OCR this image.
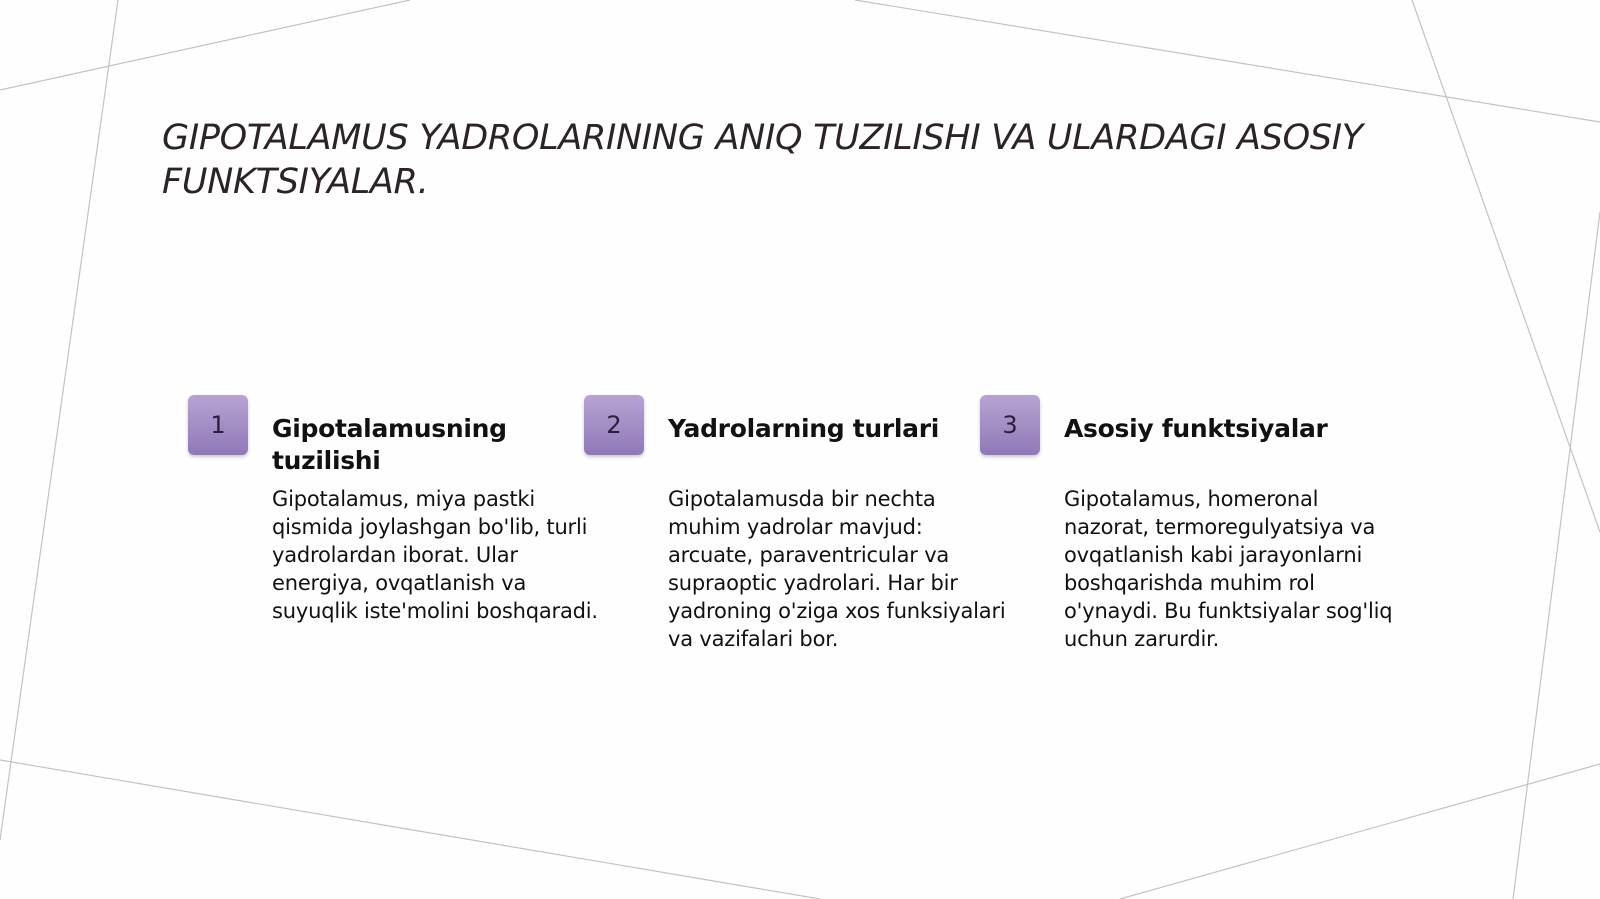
GIPOTALAMUS YADROLARINING ANIQ TUZILISHI VA ULARDAGI ASOSIY FUNKTSIYALAR.
1	Gipotalamusning tuzilishi

Gipotalamus, miya pastki qismida joylashgan bo'lib, turli yadrolardan iborat. Ular energiya, ovqatlanish va suyuqlik iste'molini boshqaradi.

2	Yadrolarning turlari

Gipotalamusda bir nechta muhim yadrolar mavjud: arcuate, paraventricular va supraoptic yadrolari. Har bir yadroning o'ziga xos funksiyalari va vazifalari bor.

3	Asosiy funktsiyalar

Gipotalamus, homeronal nazorat, termoregulyatsiya va ovqatlanish kabi jarayonlarni boshqarishda muhim rol o'ynaydi. Bu funktsiyalar sog'liq uchun zarurdir.
